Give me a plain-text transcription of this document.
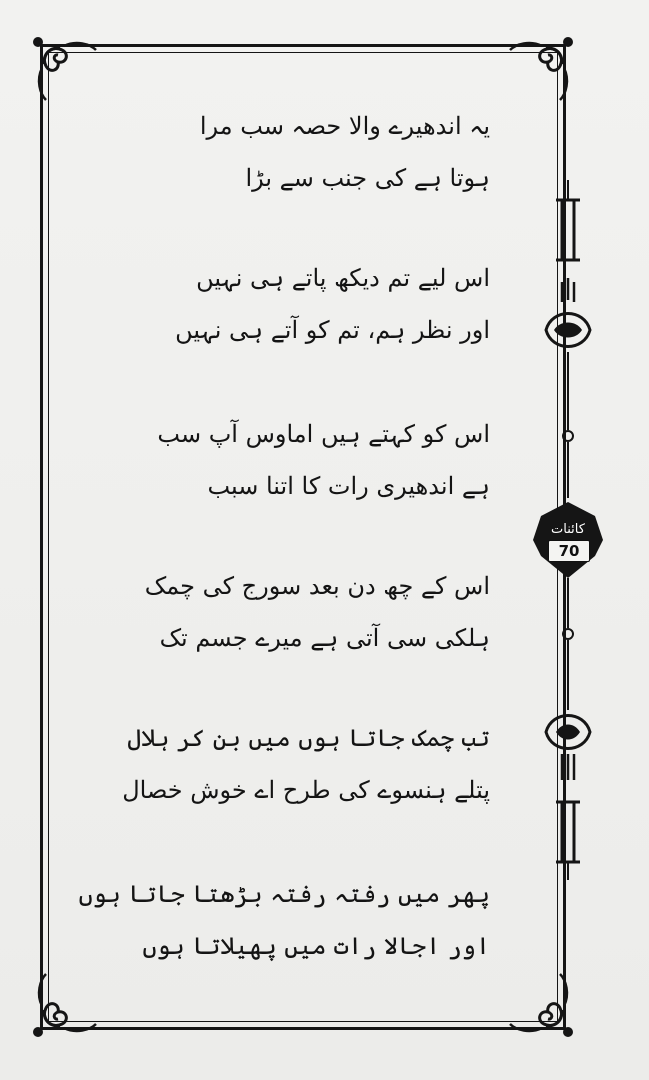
کائنات
70
یہ اندھیرے والا حصہ سب مرا
ہوتا ہے کی جنب سے بڑا
اس لیے تم دیکھ پاتے ہی نہیں
اور نظر ہم، تم کو آتے ہی نہیں
اس کو کہتے ہیں اماوس آپ سب
ہے اندھیری رات کا اتنا سبب
اس کے چھ دن بعد سورج کی چمک
ہلکی سی آتی ہے میرے جسم تک
تب چمک جاتا ہوں میں بن کر ہلال
پتلے ہنسوے کی طرح اے خوش خصال
پھر میں رفتہ رفتہ بڑھتا جاتا ہوں
اور اجالا رات میں پھیلاتا ہوں
